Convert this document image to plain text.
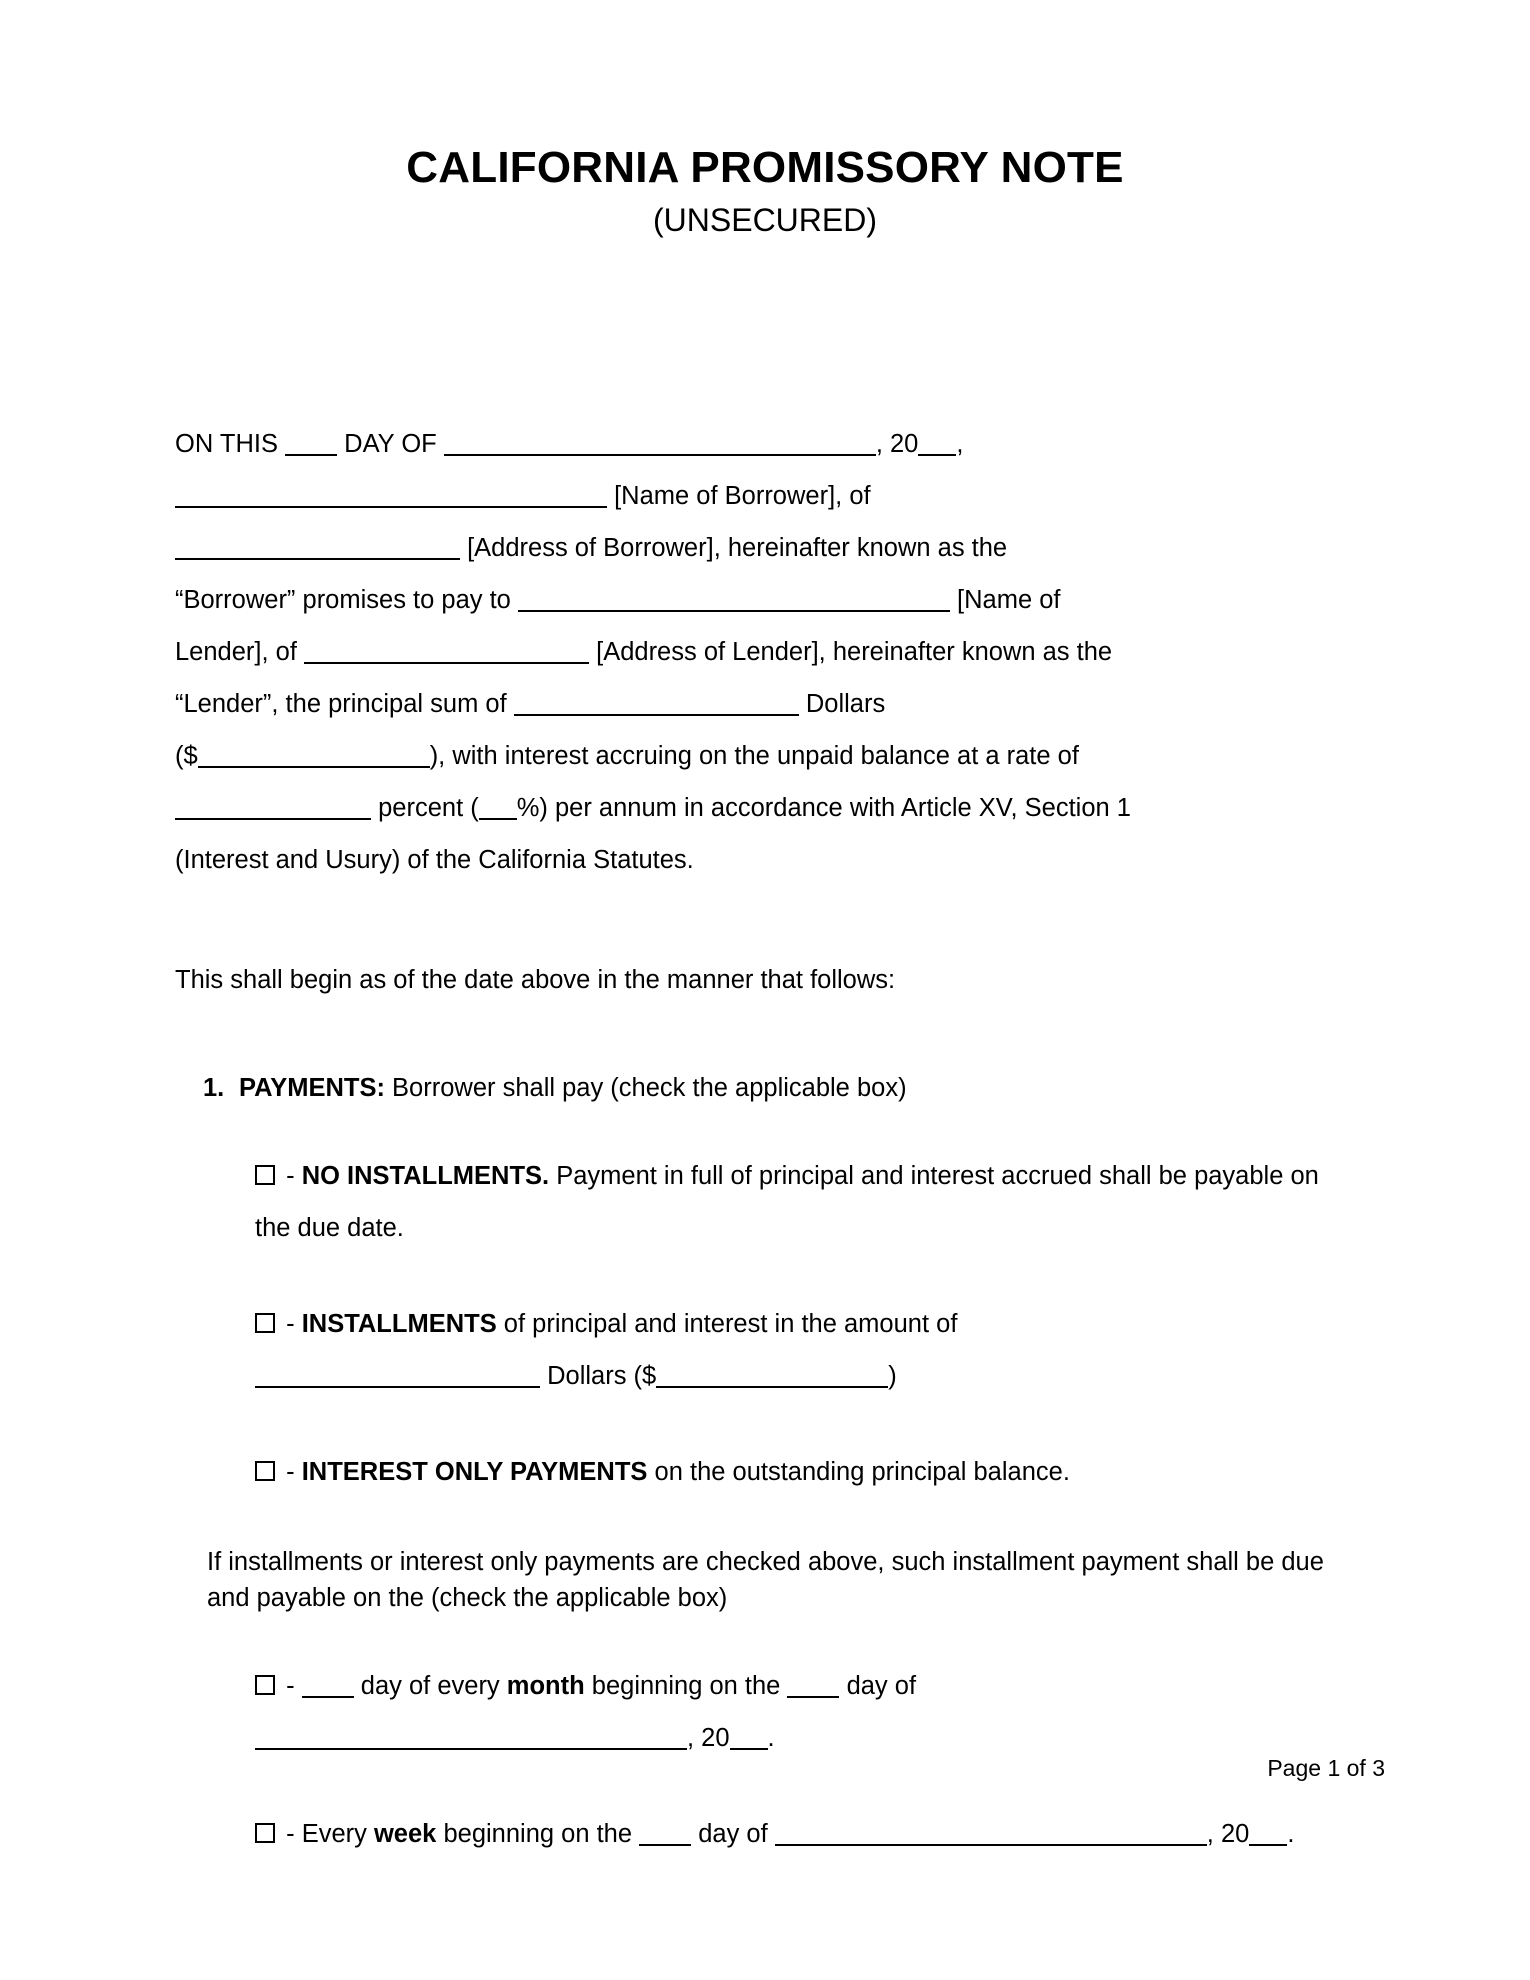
CALIFORNIA PROMISSORY NOTE
(UNSECURED)

ON THIS	DAY OF	, 20 ,
[Name of Borrower], of
[Address of Borrower], hereinafter known as the
“Borrower” promises to pay to	[Name of
Lender], of	[Address of Lender], hereinafter known as the
“Lender”, the principal sum of	Dollars
($	), with interest accruing on the unpaid balance at a rate of
percent ( %) per annum in accordance with Article XV, Section 1
(Interest and Usury) of the California Statutes.

This shall begin as of the date above in the manner that follows:

1. PAYMENTS: Borrower shall pay (check the applicable box)
- NO INSTALLMENTS. Payment in full of principal and interest accrued shall be payable on the due date.
- INSTALLMENTS of principal and interest in the amount of
Dollars ($	)
- INTEREST ONLY PAYMENTS on the outstanding principal balance.

If installments or interest only payments are checked above, such installment payment shall be due and payable on the (check the applicable box)

-	day of every month beginning on the	day of
, 20 .
- Every week beginning on the	day of	, 20 .
Page 1 of 3
